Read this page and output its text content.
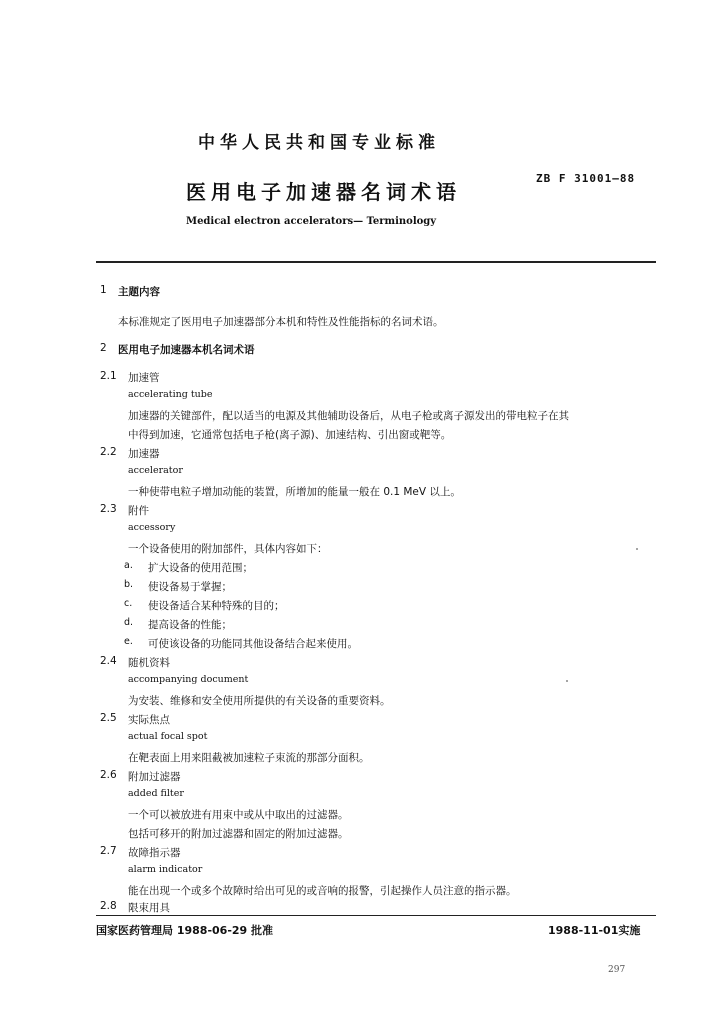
中华人民共和国专业标准
医用电子加速器名词术语
ZB F 31001—88
Medical electron accelerators— Terminology
1 主题内容
本标准规定了医用电子加速器部分本机和特性及性能指标的名词术语。
2 医用电子加速器本机名词术语
2.1 加速管
accelerating tube
加速器的关键部件，配以适当的电源及其他辅助设备后，从电子枪或离子源发出的带电粒子在其
中得到加速，它通常包括电子枪(离子源)、加速结构、引出窗或靶等。
2.2 加速器
accelerator
一种使带电粒子增加动能的装置，所增加的能量一般在 0.1 MeV 以上。
2.3 附件
accessory
一个设备使用的附加部件，具体内容如下：
a. 扩大设备的使用范围；
b. 使设备易于掌握；
c. 使设备适合某种特殊的目的；
d. 提高设备的性能；
e. 可使该设备的功能同其他设备结合起来使用。
2.4 随机资料
accompanying document
为安装、维修和安全使用所提供的有关设备的重要资料。
2.5 实际焦点
actual focal spot
在靶表面上用来阻截被加速粒子束流的那部分面积。
2.6 附加过滤器
added filter
一个可以被放进有用束中或从中取出的过滤器。
包括可移开的附加过滤器和固定的附加过滤器。
2.7 故障指示器
alarm indicator
能在出现一个或多个故障时给出可见的或音响的报警，引起操作人员注意的指示器。
2.8 限束用具
国家医药管理局 1988-06-29 批准	1988-11-01实施
297
